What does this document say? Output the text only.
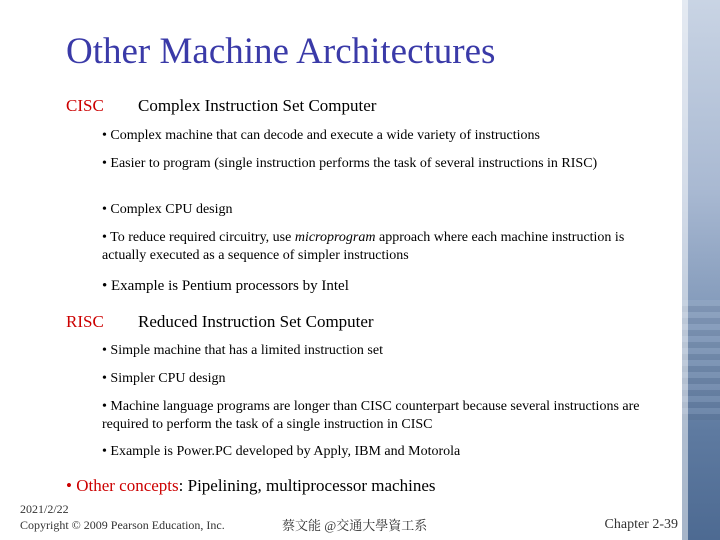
Other Machine Architectures
CISC Complex Instruction Set Computer
• Complex machine that can decode and execute a wide variety of instructions
• Easier to program (single instruction performs the task of several instructions in RISC)
• Complex CPU design
• To reduce required circuitry, use microprogram approach where each machine instruction is actually executed as a sequence of simpler instructions
• Example is Pentium processors by Intel
RISC Reduced Instruction Set Computer
• Simple machine that has a limited instruction set
• Simpler CPU design
• Machine language programs are longer than CISC counterpart because several instructions are required to perform the task of a single instruction in CISC
• Example is Power.PC developed by Apply, IBM and Motorola
• Other concepts: Pipelining, multiprocessor machines
2021/2/22
Copyright © 2009 Pearson Education, Inc.	蔡文能 @交通大學資工系	Chapter 2-39
